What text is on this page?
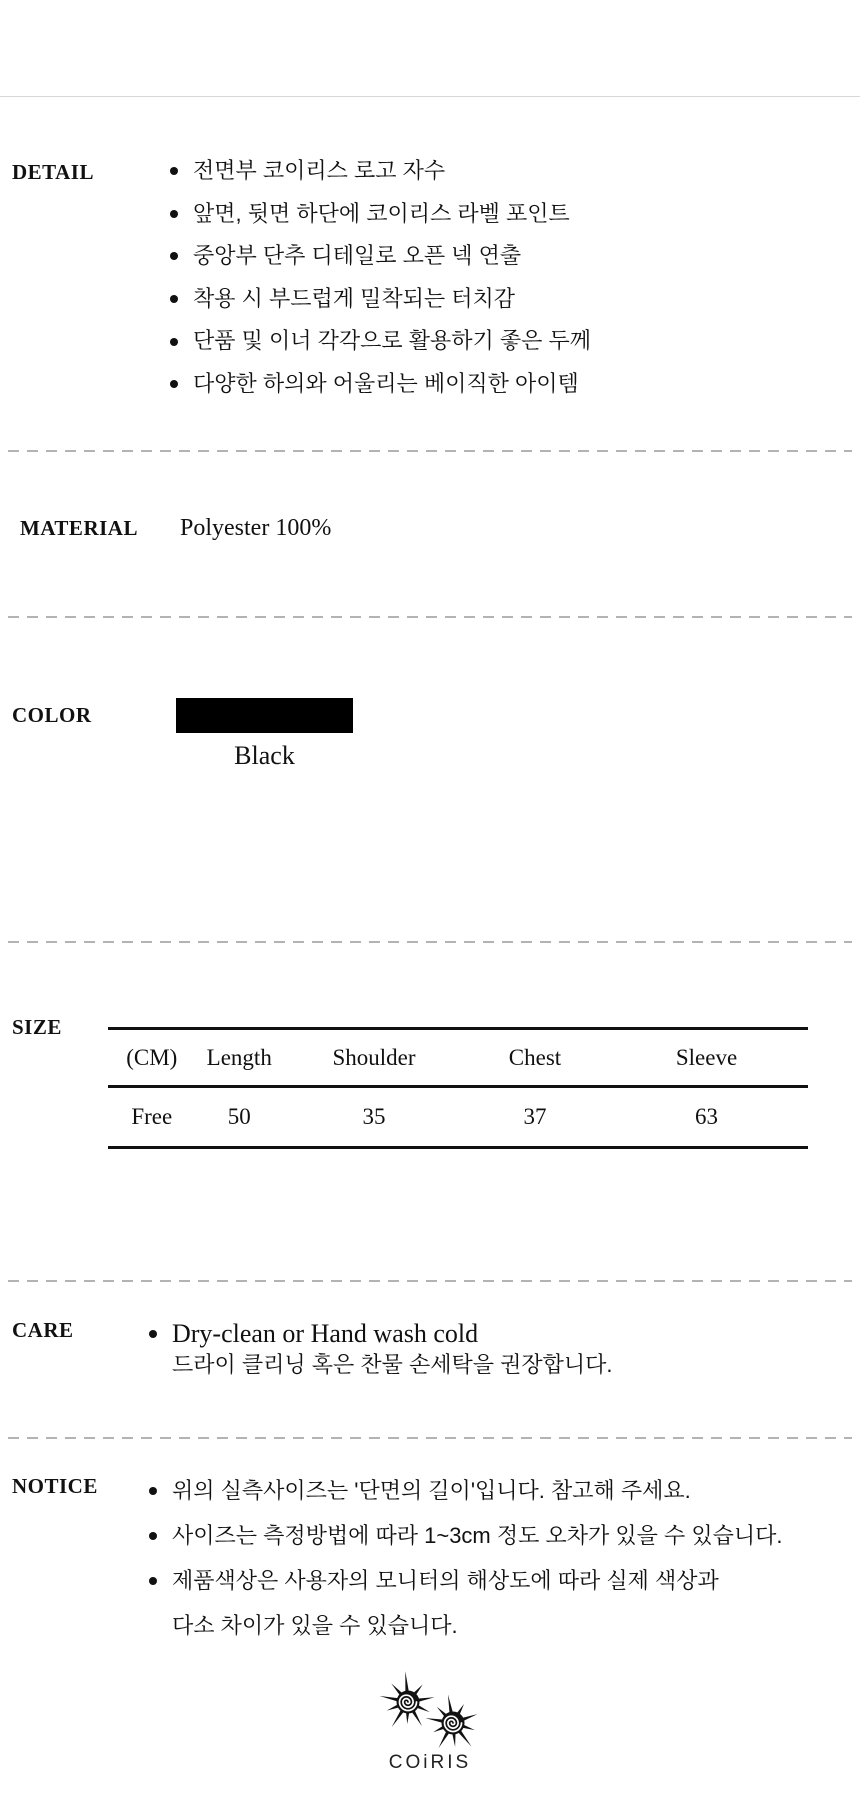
DETAIL	전면부 코이리스 로고 자수
앞면, 뒷면 하단에 코이리스 라벨 포인트
중앙부 단추 디테일로 오픈 넥 연출
착용 시 부드럽게 밀착되는 터치감
단품 및 이너 각각으로 활용하기 좋은 두께
다양한 하의와 어울리는 베이직한 아이템
MATERIAL Polyester 100%
COLOR
Black
SIZE
(CM)	Length	Shoulder	Chest	Sleeve
Free	50	35	37	63
CARE	Dry-clean or Hand wash cold
드라이 클리닝 혹은 찬물 손세탁을 권장합니다.
NOTICE	위의 실측사이즈는 '단면의 길이'입니다. 참고해 주세요.
사이즈는 측정방법에 따라 1~3cm 정도 오차가 있을 수 있습니다.
제품색상은 사용자의 모니터의 해상도에 따라 실제 색상과
다소 차이가 있을 수 있습니다.
COiRIS
